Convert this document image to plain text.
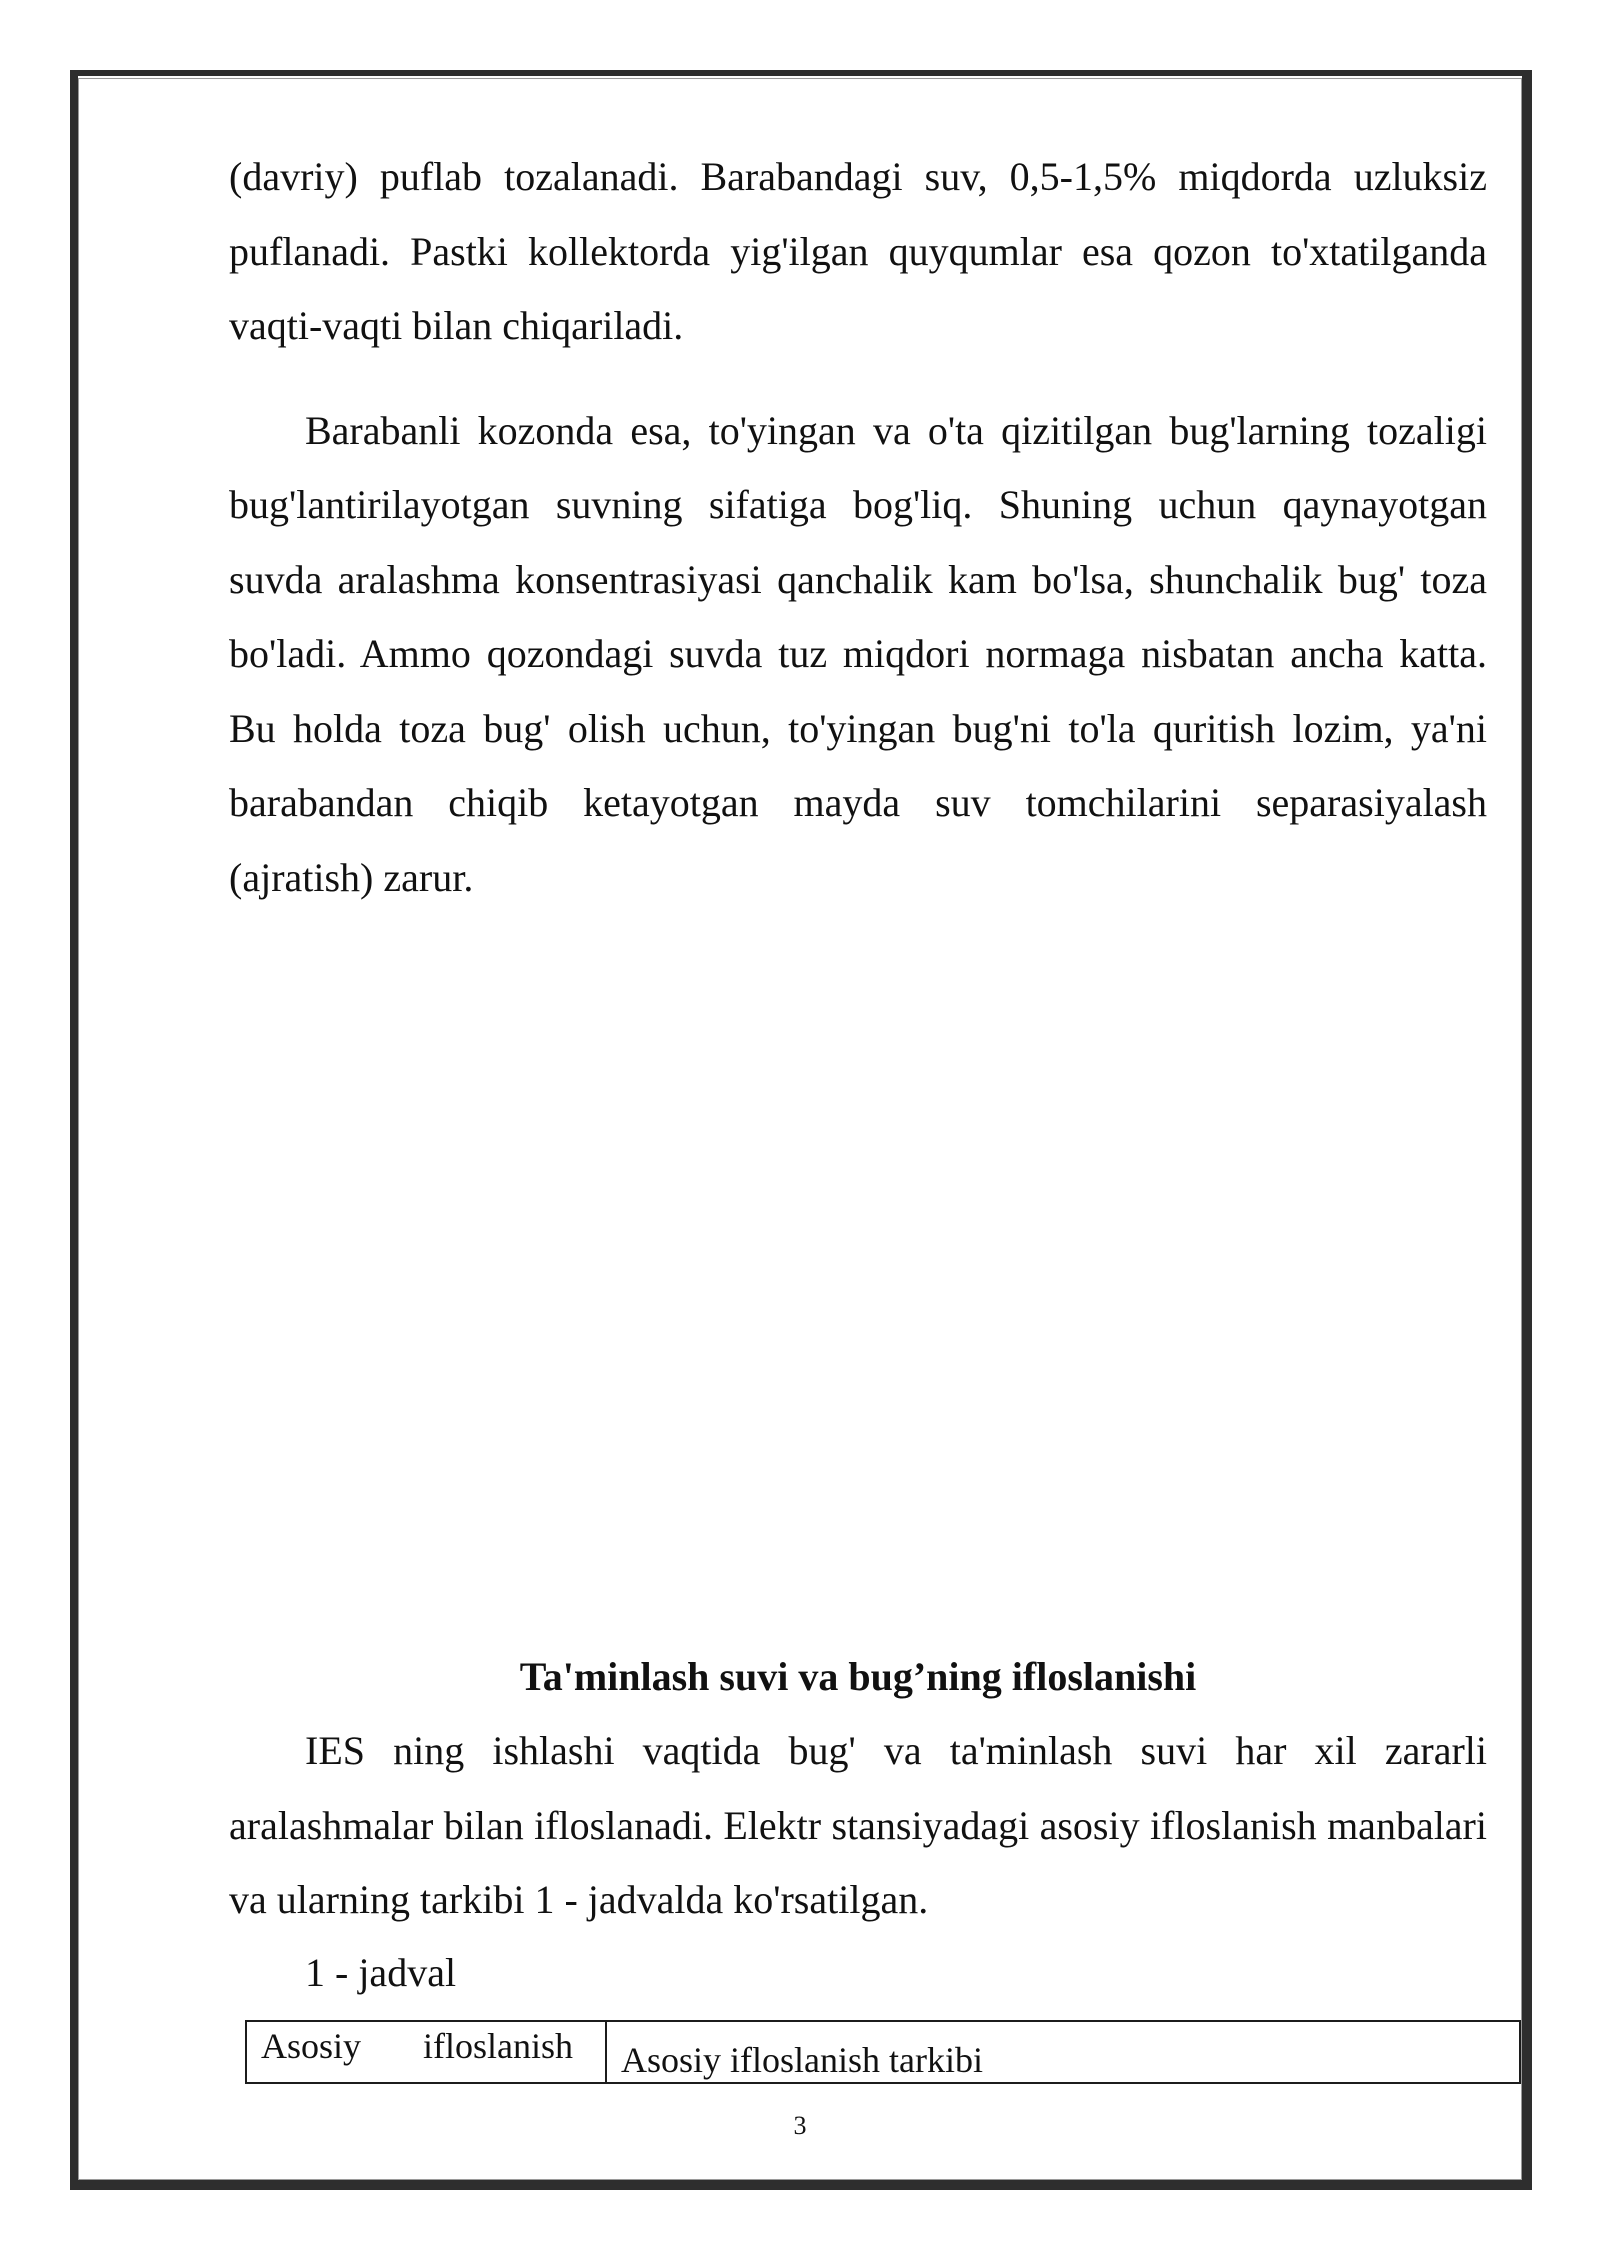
(davriy) puflab tozalanadi. Barabandagi suv, 0,5-1,5% miqdorda uzluksiz puflanadi. Pastki kollektorda yig'ilgan quyqumlar esa qozon to'xtatilganda vaqti-vaqti bilan chiqariladi.

Barabanli kozonda esa, to'yingan va o'ta qizitilgan bug'larning tozaligi bug'lantirilayotgan suvning sifatiga bog'liq. Shuning uchun qaynayotgan suvda aralashma konsentrasiyasi qanchalik kam bo'lsa, shunchalik bug' toza bo'ladi. Ammo qozondagi suvda tuz miqdori normaga nisbatan ancha katta. Bu holda toza bug' olish uchun, to'yingan bug'ni to'la quritish lozim, ya'ni barabandan chiqib ketayotgan mayda suv tomchilarini separasiyalash (ajratish) zarur.

Ta'minlash suvi va bug’ning ifloslanishi

IES ning ishlashi vaqtida bug' va ta'minlash suvi har xil zararli aralashmalar bilan ifloslanadi. Elektr stansiyadagi asosiy ifloslanish manbalari va ularning tarkibi 1 - jadvalda ko'rsatilgan.

1 - jadval

Asosiy ifloslanish	Asosiy ifloslanish tarkibi

3
